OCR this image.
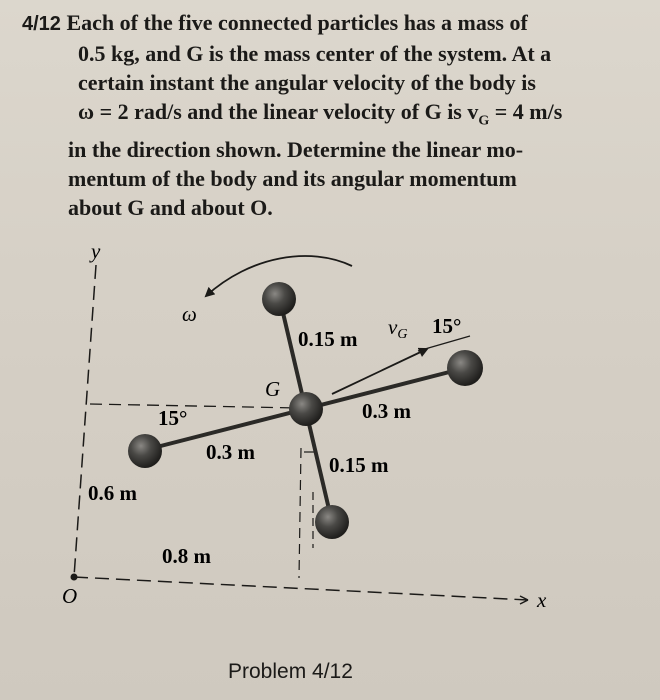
4/12 Each of the five connected particles has a mass of
0.5 kg, and G is the mass center of the system. At a
certain instant the angular velocity of the body is
ω = 2 rad/s and the linear velocity of G is $v_G = 4$ m/s
in the direction shown. Determine the linear mo-
mentum of the body and its angular momentum
about G and about O.
y
x
O
ω
G
vG 15°
0.15 m
0.3 m
0.3 m
0.15 m
15°
0.6 m
0.8 m
Problem 4/12
